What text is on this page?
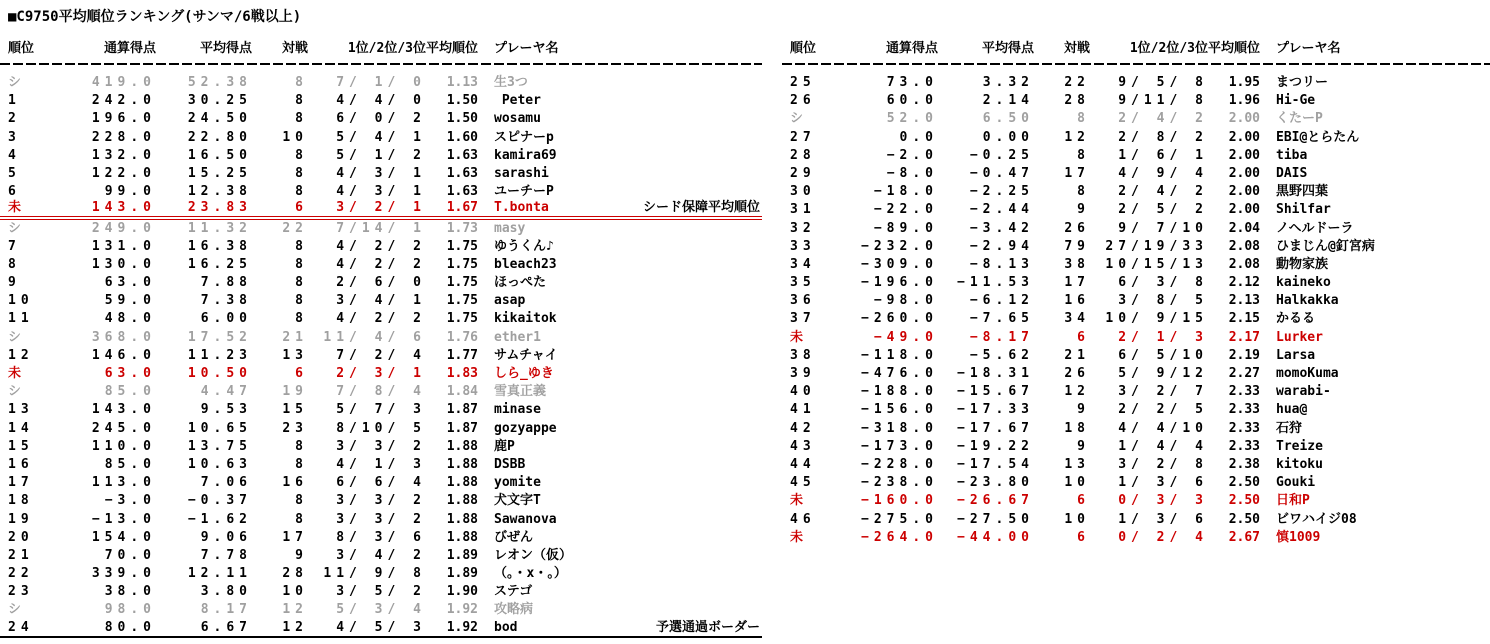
■C9750平均順位ランキング(サンマ/6戦以上)
順位	通算得点	平均得点	対戦	1位/2位/3位 平均順位	プレーヤ名
シ	419.0	52.38	8	7/ 1/ 0	1.13 生3つ
1	242.0	30.25	8	4/ 4/ 0	1.50 Peter
2	196.0	24.50	8	6/ 0/ 2	1.50 wosamu
3	228.0	22.80	10	5/ 4/ 1	1.60 スピナーp
4	132.0	16.50	8	5/ 1/ 2	1.63 kamira69
5	122.0	15.25	8	4/ 3/ 1	1.63 sarashi
6	99.0	12.38	8	4/ 3/ 1	1.63 ユーチーP
未	143.0	23.83	6	3/ 2/ 1	1.67 T.bonta	シード保障平均順位
シ	249.0	11.32	22	7/14/ 1	1.73 masy
7	131.0	16.38	8	4/ 2/ 2	1.75 ゆうくん♪
8	130.0	16.25	8	4/ 2/ 2	1.75 bleach23
9	63.0	7.88	8	2/ 6/ 0	1.75 ほっぺた
10	59.0	7.38	8	3/ 4/ 1	1.75 asap
11	48.0	6.00	8	4/ 2/ 2	1.75 kikaitok
シ	368.0	17.52	21	11/ 4/ 6	1.76 ether1
12	146.0	11.23	13	7/ 2/ 4	1.77 サムチャイ
未	63.0	10.50	6	2/ 3/ 1	1.83 しら_ゆき
シ	85.0	4.47	19	7/ 8/ 4	1.84 雪真正義
13	143.0	9.53	15	5/ 7/ 3	1.87 minase
14	245.0	10.65	23	8/10/ 5	1.87 gozyappe
15	110.0	13.75	8	3/ 3/ 2	1.88 鹿P
16	85.0	10.63	8	4/ 1/ 3	1.88 DSBB
17	113.0	7.06	16	6/ 6/ 4	1.88 yomite
18	−3.0	−0.37	8	3/ 3/ 2	1.88 犬文字T
19	−13.0	−1.62	8	3/ 3/ 2	1.88 Sawanova
20	154.0	9.06	17	8/ 3/ 6	1.88 びぜん
21	70.0	7.78	9	3/ 4/ 2	1.89 レオン（仮）
22	339.0	12.11	28	11/ 9/ 8	1.89 （。・x・。）
23	38.0	3.80	10	3/ 5/ 2	1.90 ステゴ
シ	98.0	8.17	12	5/ 3/ 4	1.92 攻略病
24	80.0	6.67	12	4/ 5/ 3	1.92 bod	予選通過ボーダー
順位	通算得点	平均得点	対戦	1位/2位/3位 平均順位	プレーヤ名
25	73.0	3.32	22	9/ 5/ 8	1.95 まつリー
26	60.0	2.14	28	9/11/ 8	1.96 Hi-Ge
シ	52.0	6.50	8	2/ 4/ 2	2.00 くたーP
27	0.0	0.00	12	2/ 8/ 2	2.00 EBI@とらたん
28	−2.0	−0.25	8	1/ 6/ 1	2.00 tiba
29	−8.0	−0.47	17	4/ 9/ 4	2.00 DAIS
30	−18.0	−2.25	8	2/ 4/ 2	2.00 黒野四葉
31	−22.0	−2.44	9	2/ 5/ 2	2.00 Shilfar
32	−89.0	−3.42	26	9/ 7/10	2.04 ノヘルドーラ
33	−232.0	−2.94	79	27/19/33	2.08 ひまじん@釘宮病
34	−309.0	−8.13	38	10/15/13	2.08 動物家族
35	−196.0	−11.53	17	6/ 3/ 8	2.12 kaineko
36	−98.0	−6.12	16	3/ 8/ 5	2.13 Halkakka
37	−260.0	−7.65	34	10/ 9/15	2.15 かるる
未	−49.0	−8.17	6	2/ 1/ 3	2.17 Lurker
38	−118.0	−5.62	21	6/ 5/10	2.19 Larsa
39	−476.0	−18.31	26	5/ 9/12	2.27 momoKuma
40	−188.0	−15.67	12	3/ 2/ 7	2.33 warabi-
41	−156.0	−17.33	9	2/ 2/ 5	2.33 hua@
42	−318.0	−17.67	18	4/ 4/10	2.33 石狩
43	−173.0	−19.22	9	1/ 4/ 4	2.33 Treize
44	−228.0	−17.54	13	3/ 2/ 8	2.38 kitoku
45	−238.0	−23.80	10	1/ 3/ 6	2.50 Gouki
未	−160.0	−26.67	6	0/ 3/ 3	2.50 日和P
46	−275.0	−27.50	10	1/ 3/ 6	2.50 ビワハイジ08
未	−264.0	−44.00	6	0/ 2/ 4	2.67 慎1009
